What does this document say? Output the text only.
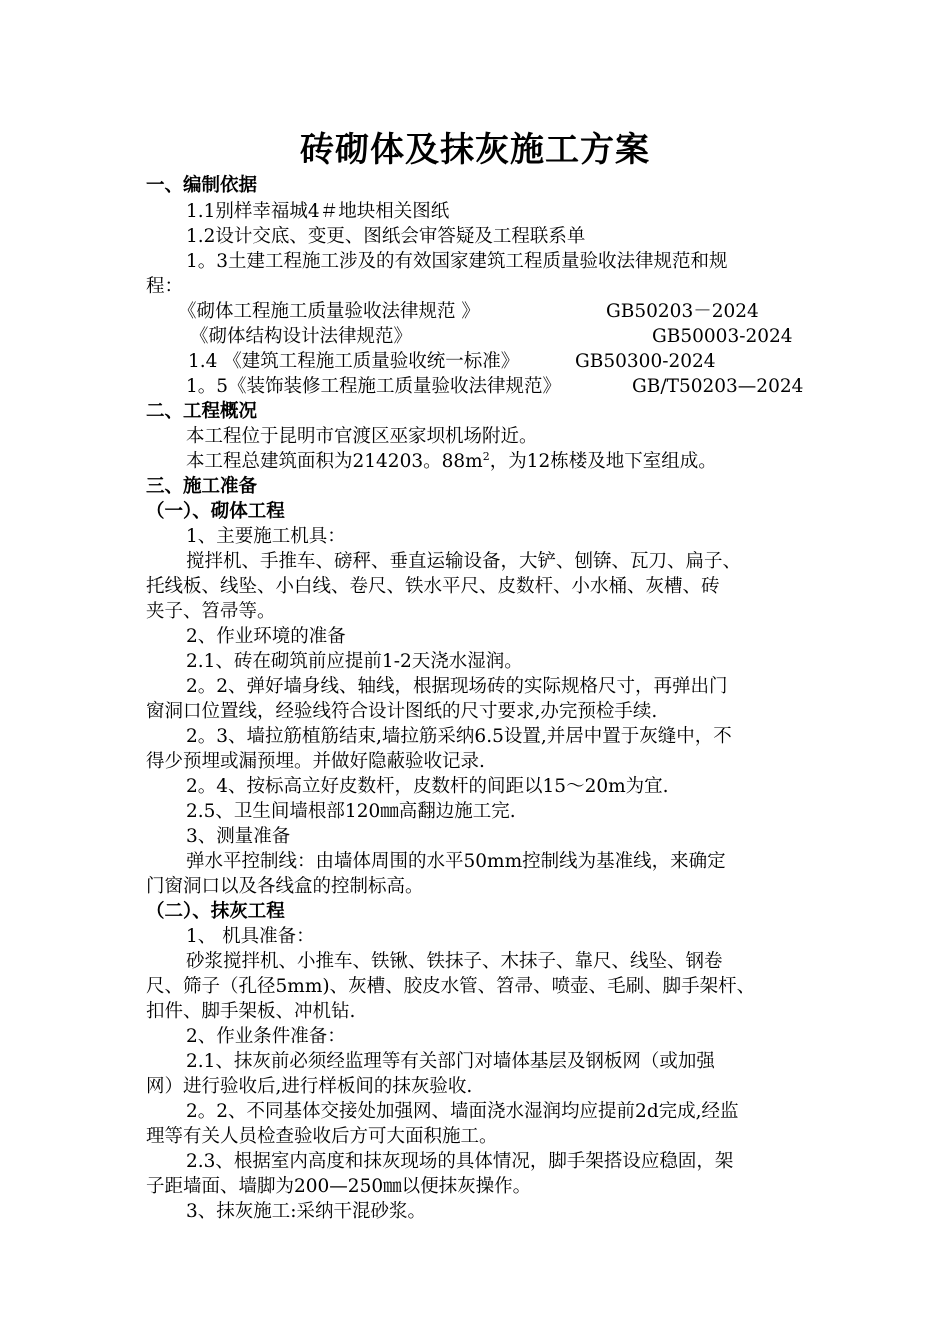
砖砌体及抹灰施工方案
一、编制依据
1.1别样幸福城4＃地块相关图纸
1.2设计交底、变更、图纸会审答疑及工程联系单
1。3土建工程施工涉及的有效国家建筑工程质量验收法律规范和规
程：
《砌体工程施工质量验收法律规范 》	GB50203－2024
《砌体结构设计法律规范》	GB50003-2024
1.4 《建筑工程施工质量验收统一标准》	GB50300-2024
1。5《装饰装修工程施工质量验收法律规范》	GB/T50203—2024
二、工程概况
本工程位于昆明市官渡区巫家坝机场附近。
本工程总建筑面积为214203。$88m^2$，为12栋楼及地下室组成。
三、施工准备
（一）、砌体工程
1、主要施工机具：
搅拌机、手推车、磅秤、垂直运输设备，大铲、刨锛、瓦刀、扁子、
托线板、线坠、小白线、卷尺、铁水平尺、皮数杆、小水桶、灰槽、砖
夹子、笤帚等。
2、作业环境的准备
2.1、砖在砌筑前应提前1-2天浇水湿润。
2。2、弹好墙身线、轴线，根据现场砖的实际规格尺寸，再弹出门
窗洞口位置线，经验线符合设计图纸的尺寸要求,办完预检手续.
2。3、墙拉筋植筋结束,墙拉筋采纳6.5设置,并居中置于灰缝中，不
得少预埋或漏预埋。并做好隐蔽验收记录.
2。4、按标高立好皮数杆，皮数杆的间距以15～20m为宜.
2.5、卫生间墙根部120㎜高翻边施工完.
3、测量准备
弹水平控制线：由墙体周围的水平50mm控制线为基准线，来确定
门窗洞口以及各线盒的控制标高。
（二）、抹灰工程
1、 机具准备：
砂浆搅拌机、小推车、铁锹、铁抹子、木抹子、靠尺、线坠、钢卷
尺、筛子（孔径5mm)、灰槽、胶皮水管、笤帚、喷壶、毛刷、脚手架杆、
扣件、脚手架板、冲机钻.
2、作业条件准备：
2.1、抹灰前必须经监理等有关部门对墙体基层及钢板网（或加强
网）进行验收后,进行样板间的抹灰验收.
2。2、不同基体交接处加强网、墙面浇水湿润均应提前2d完成,经监
理等有关人员检查验收后方可大面积施工。
2.3、根据室内高度和抹灰现场的具体情况，脚手架搭设应稳固，架
子距墙面、墙脚为200—250㎜以便抹灰操作。
3、抹灰施工:采纳干混砂浆。
